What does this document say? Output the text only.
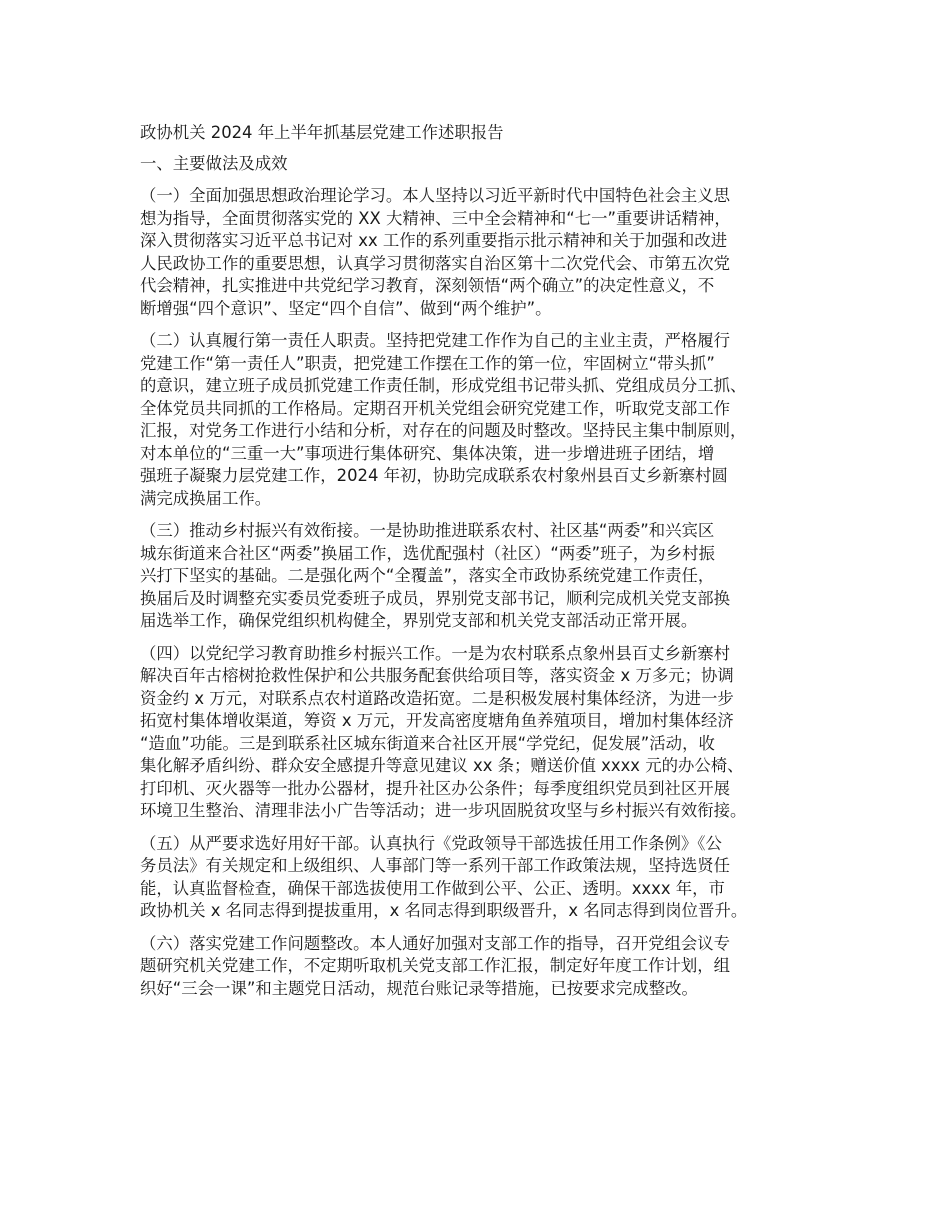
政协机关 2024 年上半年抓基层党建工作述职报告
一、主要做法及成效
（一）全面加强思想政治理论学习。本人坚持以习近平新时代中国特色社会主义思
想为指导，全面贯彻落实党的 XX 大精神、三中全会精神和“七一”重要讲话精神，
深入贯彻落实习近平总书记对 xx 工作的系列重要指示批示精神和关于加强和改进
人民政协工作的重要思想，认真学习贯彻落实自治区第十二次党代会、市第五次党
代会精神，扎实推进中共党纪学习教育，深刻领悟“两个确立”的决定性意义，不
断增强“四个意识”、坚定“四个自信”、做到“两个维护”。
（二）认真履行第一责任人职责。坚持把党建工作作为自己的主业主责，严格履行
党建工作“第一责任人”职责，把党建工作摆在工作的第一位，牢固树立“带头抓”
的意识，建立班子成员抓党建工作责任制，形成党组书记带头抓、党组成员分工抓、
全体党员共同抓的工作格局。定期召开机关党组会研究党建工作，听取党支部工作
汇报，对党务工作进行小结和分析，对存在的问题及时整改。坚持民主集中制原则，
对本单位的“三重一大”事项进行集体研究、集体决策，进一步增进班子团结，增
强班子凝聚力层党建工作，2024 年初，协助完成联系农村象州县百丈乡新寨村圆
满完成换届工作。
（三）推动乡村振兴有效衔接。一是协助推进联系农村、社区基“两委”和兴宾区
城东街道来合社区“两委”换届工作，选优配强村（社区）“两委”班子，为乡村振
兴打下坚实的基础。二是强化两个“全覆盖”，落实全市政协系统党建工作责任，
换届后及时调整充实委员党委班子成员，界别党支部书记，顺利完成机关党支部换
届选举工作，确保党组织机构健全，界别党支部和机关党支部活动正常开展。
（四）以党纪学习教育助推乡村振兴工作。一是为农村联系点象州县百丈乡新寨村
解决百年古榕树抢救性保护和公共服务配套供给项目等，落实资金 x 万多元；协调
资金约 x 万元，对联系点农村道路改造拓宽。二是积极发展村集体经济，为进一步
拓宽村集体增收渠道，筹资 x 万元，开发高密度塘角鱼养殖项目，增加村集体经济
“造血”功能。三是到联系社区城东街道来合社区开展“学党纪，促发展”活动，收
集化解矛盾纠纷、群众安全感提升等意见建议 xx 条；赠送价值 xxxx 元的办公椅、
打印机、灭火器等一批办公器材，提升社区办公条件；每季度组织党员到社区开展
环境卫生整治、清理非法小广告等活动；进一步巩固脱贫攻坚与乡村振兴有效衔接。
（五）从严要求选好用好干部。认真执行《党政领导干部选拔任用工作条例》《公
务员法》有关规定和上级组织、人事部门等一系列干部工作政策法规，坚持选贤任
能，认真监督检查，确保干部选拔使用工作做到公平、公正、透明。xxxx 年，市
政协机关 x 名同志得到提拔重用，x 名同志得到职级晋升，x 名同志得到岗位晋升。
（六）落实党建工作问题整改。本人通好加强对支部工作的指导，召开党组会议专
题研究机关党建工作，不定期听取机关党支部工作汇报，制定好年度工作计划，组
织好“三会一课”和主题党日活动，规范台账记录等措施，已按要求完成整改。
